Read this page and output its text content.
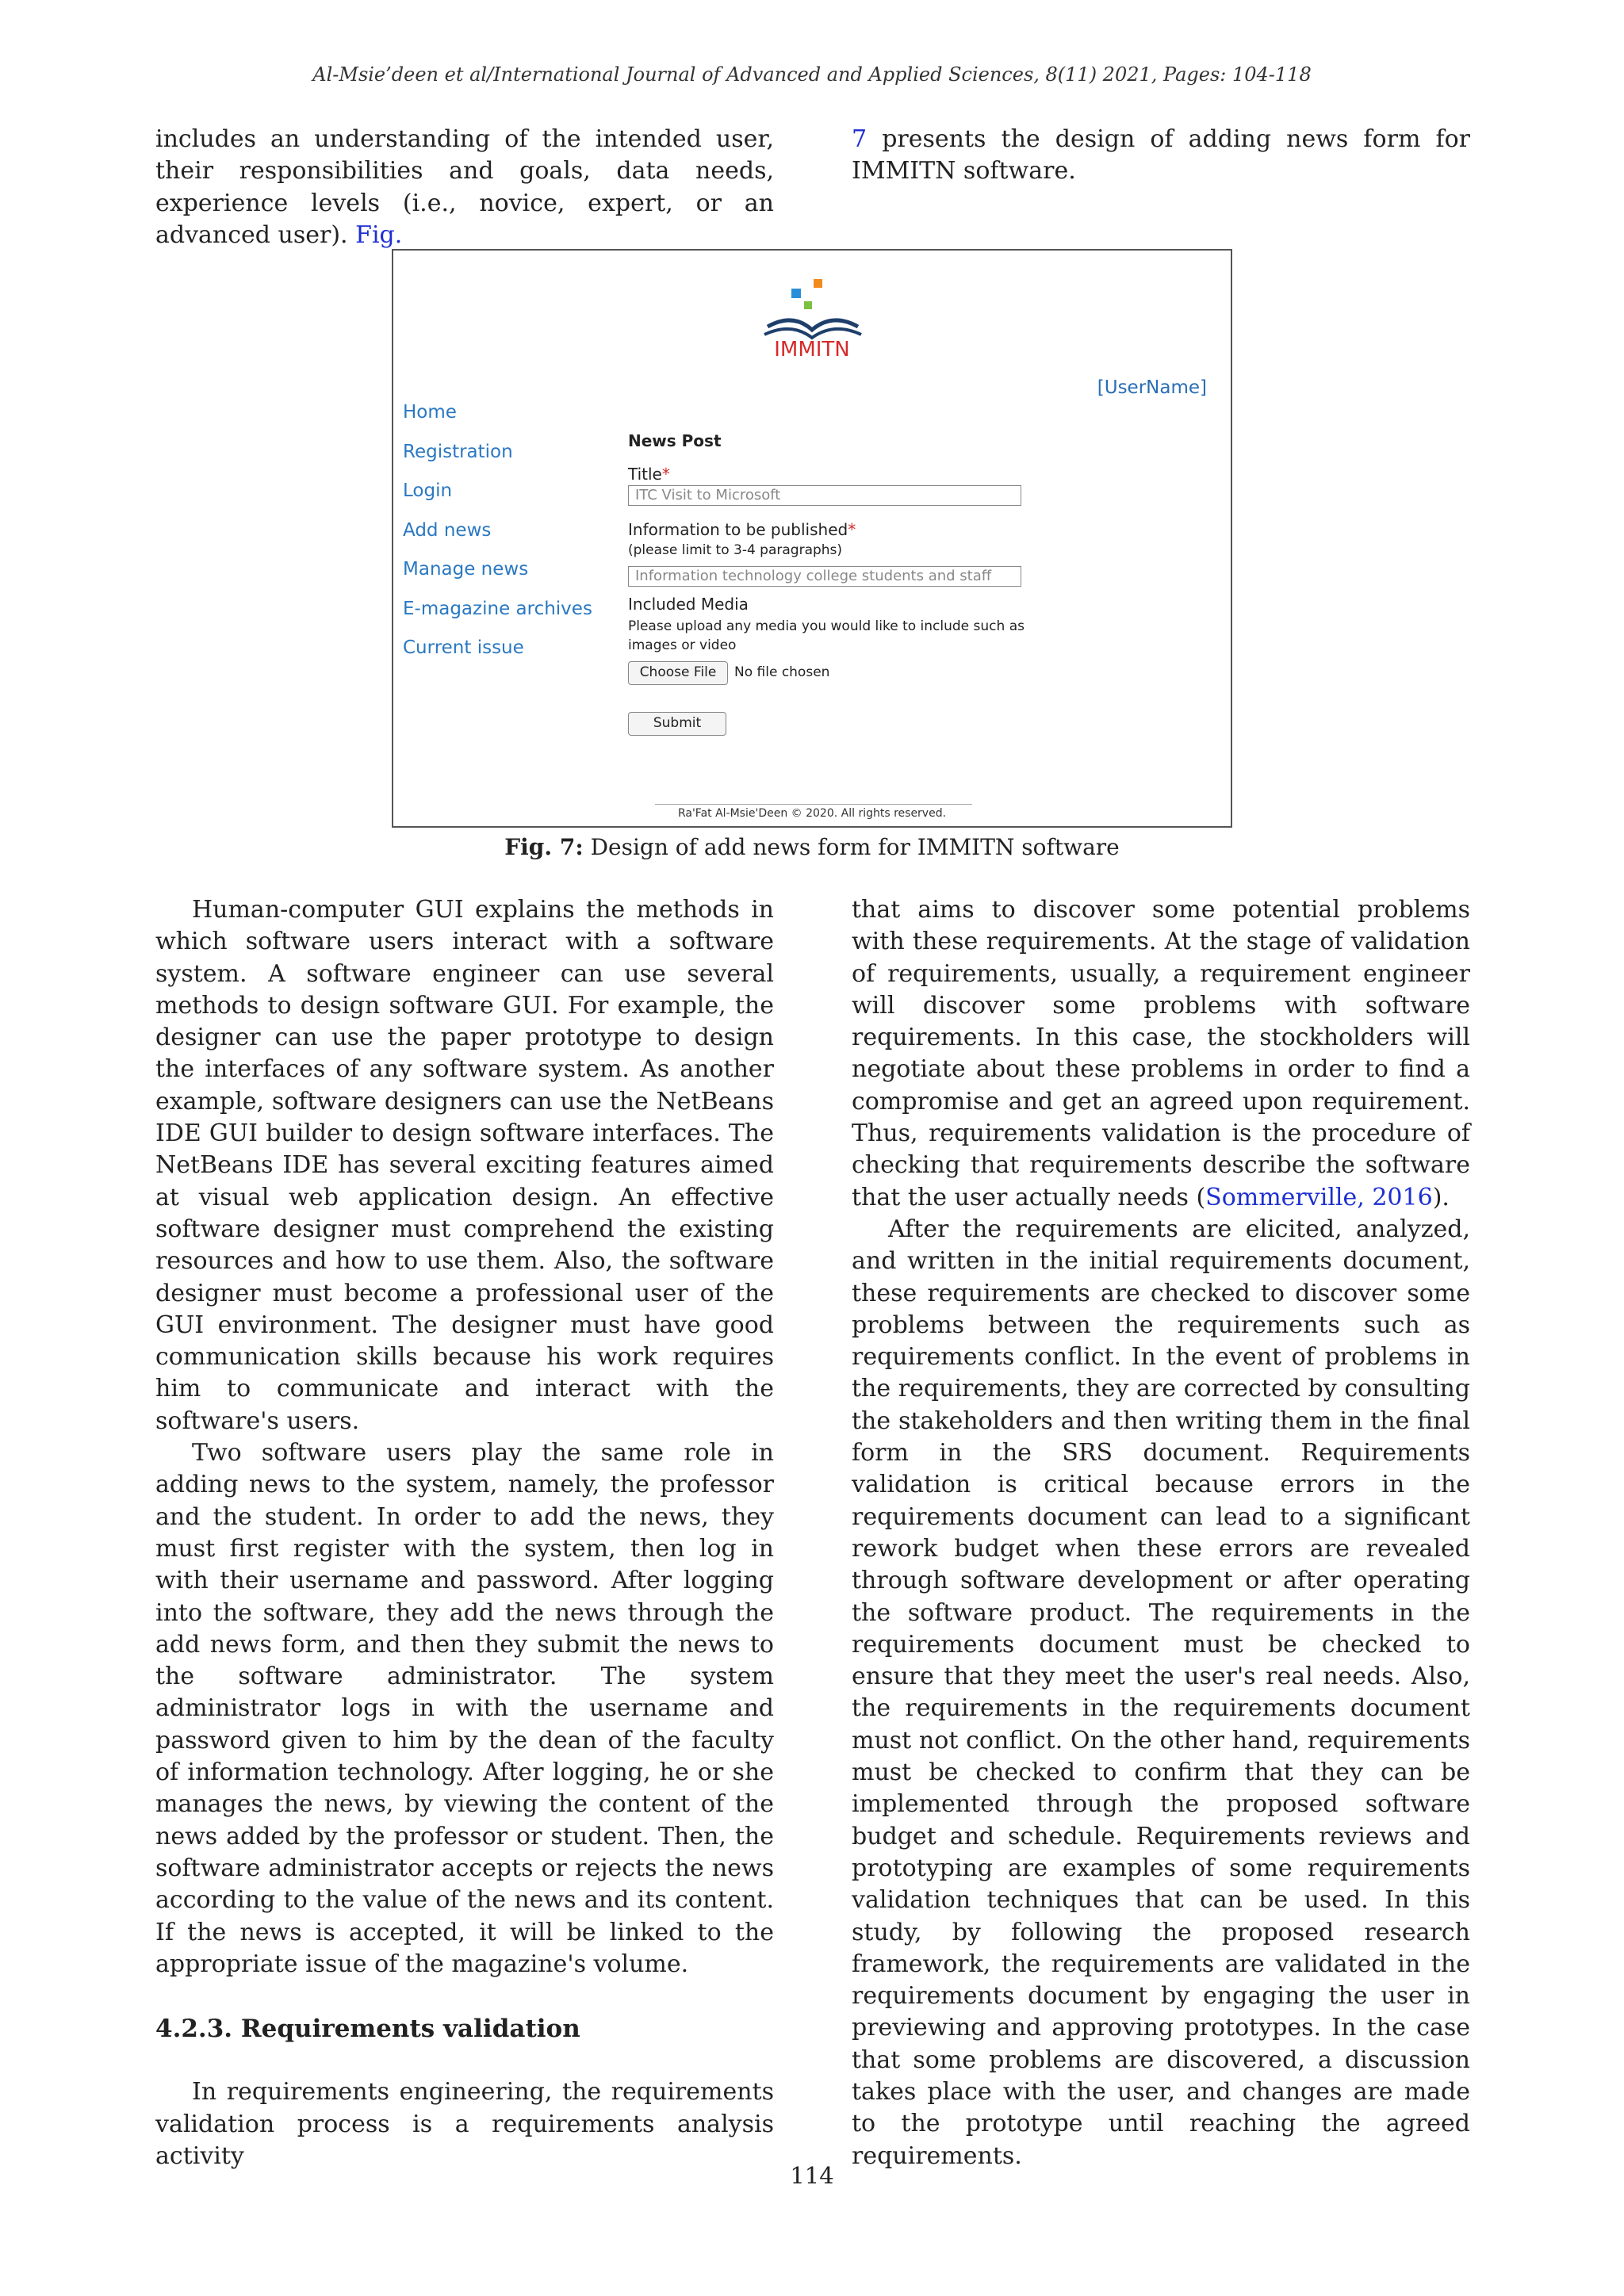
Al-Msie’deen et al/International Journal of Advanced and Applied Sciences, 8(11) 2021, Pages: 104-118

includes an understanding of the intended user, their responsibilities and goals, data needs, experience levels (i.e., novice, expert, or an advanced user). Fig.

7 presents the design of adding news form for IMMITN software.

IMMITN
[UserName]
Home
Registration
Login
Add news
Manage news
E-magazine archives
Current issue
News Post
Title*
ITC Visit to Microsoft
Information to be published*
(please limit to 3-4 paragraphs)
Information technology college students and staff
Included Media
Please upload any media you would like to include such as images or video
Choose File	No file chosen
Submit
Ra'Fat Al-Msie'Deen © 2020. All rights reserved.
Fig. 7: Design of add news form for IMMITN software

Human-computer GUI explains the methods in which software users interact with a software system. A software engineer can use several methods to design software GUI. For example, the designer can use the paper prototype to design the interfaces of any software system. As another example, software designers can use the NetBeans IDE GUI builder to design software interfaces. The NetBeans IDE has several exciting features aimed at visual web application design. An effective software designer must comprehend the existing resources and how to use them. Also, the software designer must become a professional user of the GUI environment. The designer must have good communication skills because his work requires him to communicate and interact with the software's users.

Two software users play the same role in adding news to the system, namely, the professor and the student. In order to add the news, they must first register with the system, then log in with their username and password. After logging into the software, they add the news through the add news form, and then they submit the news to the software administrator. The system administrator logs in with the username and password given to him by the dean of the faculty of information technology. After logging, he or she manages the news, by viewing the content of the news added by the professor or student. Then, the software administrator accepts or rejects the news according to the value of the news and its content. If the news is accepted, it will be linked to the appropriate issue of the magazine's volume.

4.2.3. Requirements validation

In requirements engineering, the requirements validation process is a requirements analysis activity

that aims to discover some potential problems with these requirements. At the stage of validation of requirements, usually, a requirement engineer will discover some problems with software requirements. In this case, the stockholders will negotiate about these problems in order to find a compromise and get an agreed upon requirement. Thus, requirements validation is the procedure of checking that requirements describe the software that the user actually needs (Sommerville, 2016).

After the requirements are elicited, analyzed, and written in the initial requirements document, these requirements are checked to discover some problems between the requirements such as requirements conflict. In the event of problems in the requirements, they are corrected by consulting the stakeholders and then writing them in the final form in the SRS document. Requirements validation is critical because errors in the requirements document can lead to a significant rework budget when these errors are revealed through software development or after operating the software product. The requirements in the requirements document must be checked to ensure that they meet the user's real needs. Also, the requirements in the requirements document must not conflict. On the other hand, requirements must be checked to confirm that they can be implemented through the proposed software budget and schedule. Requirements reviews and prototyping are examples of some requirements validation techniques that can be used. In this study, by following the proposed research framework, the requirements are validated in the requirements document by engaging the user in previewing and approving prototypes. In the case that some problems are discovered, a discussion takes place with the user, and changes are made to the prototype until reaching the agreed requirements.

114
